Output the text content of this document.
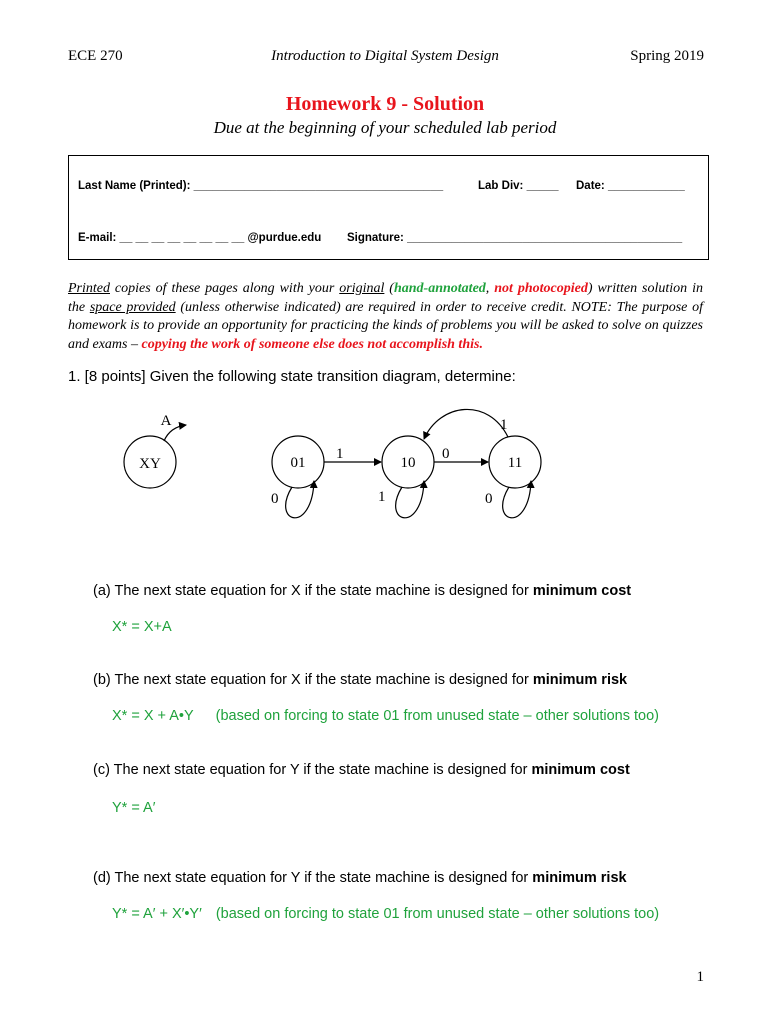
ECE 270	Introduction to Digital System Design	Spring 2019
Homework 9 - Solution
Due at the beginning of your scheduled lab period
Last Name (Printed): _______________________________________	Lab Div: _____ Date: ____________
E-mail: __ __ __ __ __ __ __ __ @purdue.edu Signature: ___________________________________________
Printed copies of these pages along with your original (hand-annotated, not photocopied) written solution in the space provided (unless otherwise indicated) are required in order to receive credit. NOTE: The purpose of homework is to provide an opportunity for practicing the kinds of problems you will be asked to solve on quizzes and exams – copying the work of someone else does not accomplish this.
1. [8 points] Given the following state transition diagram, determine:
XY
A
01	10	11
1	0
1
0	1	0
(a) The next state equation for X if the state machine is designed for minimum cost
X* = X+A
(b) The next state equation for X if the state machine is designed for minimum risk
X* = X + A•Y (based on forcing to state 01 from unused state – other solutions too)
(c) The next state equation for Y if the state machine is designed for minimum cost
Y* = A′
(d) The next state equation for Y if the state machine is designed for minimum risk
Y* = A′ + X′•Y′ (based on forcing to state 01 from unused state – other solutions too)
1
